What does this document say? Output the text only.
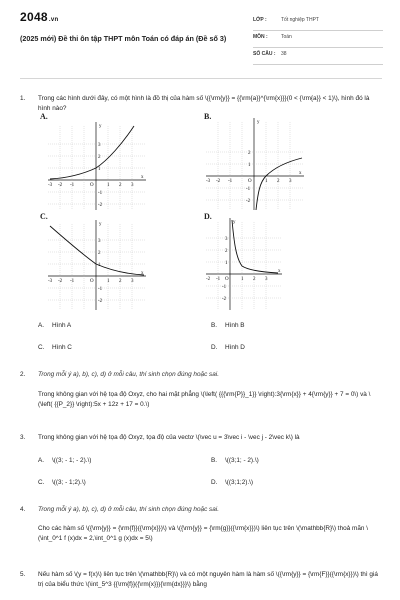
2048.vn
(2025 mới) Đề thi ôn tập THPT môn Toán có đáp án (Đề số 3)
LỚP :	Tốt nghiệp THPT
MÔN :	Toán
SỐ CÂU : 38
1. Trong các hình dưới đây, có một hình là đồ thị của hàm số \({\rm{y}} = {{\rm{a}}^{\rm{x}}}(0 < {\rm{a}} < 1)\), hình đó là hình nào?
A.
-3 -2 -1	O	1 2 3
x
y
3
2
1
-1
-2
B.
-3 -2 -1	O	1 2 3
x
y
2
1
-1
-2
C.
-3 -2 -1	O	1 2 3
x
y
3
2
1
-1
-2
D.
-2 -1 O 1 2 3
x
y
3
2
1
-1
-2
A. Hình A	B. Hình B
C. Hình C	D. Hình D
2. Trong mỗi ý a), b), c), d) ở mỗi câu, thí sinh chọn đúng hoặc sai.
Trong không gian với hệ tọa độ Oxyz, cho hai mặt phẳng \(\left( {{{\rm{P}}_1}} \right):3{\rm{x}} + 4{\rm{y}} + 7 = 0\) và \(\left( {{P_2}} \right):5x + 12z + 17 = 0.\)
3. Trong không gian với hệ tọa độ Oxyz, tọa độ của vectơ \(\vec u = 3\vec i - \vec j - 2\vec k\) là
A. \((3; - 1; - 2).\)	B. \((3;1; - 2).\)
C. \((3; - 1;2).\)	D. \((3;1;2).\)
4. Trong mỗi ý a), b), c), d) ở mỗi câu, thí sinh chọn đúng hoặc sai.
Cho các hàm số \({\rm{y}} = {\rm{f}}({\rm{x}})\) và \({\rm{y}} = {\rm{g}}({\rm{x}})\) liên tục trên \(\mathbb{R}\) thoả mãn \(\int_0^1 f (x)dx = 2,\int_0^1 g (x)dx = 5\)
5. Nếu hàm số \(y = f(x)\) liên tục trên \(\mathbb{R}\) và có một nguyên hàm là hàm số \({\rm{y}} = {\rm{F}}({\rm{x}})\) thì giá trị của biểu thức \(\int_5^3 {{\rm{f}}({\rm{x}}){\rm{dx}}}\) bằng
